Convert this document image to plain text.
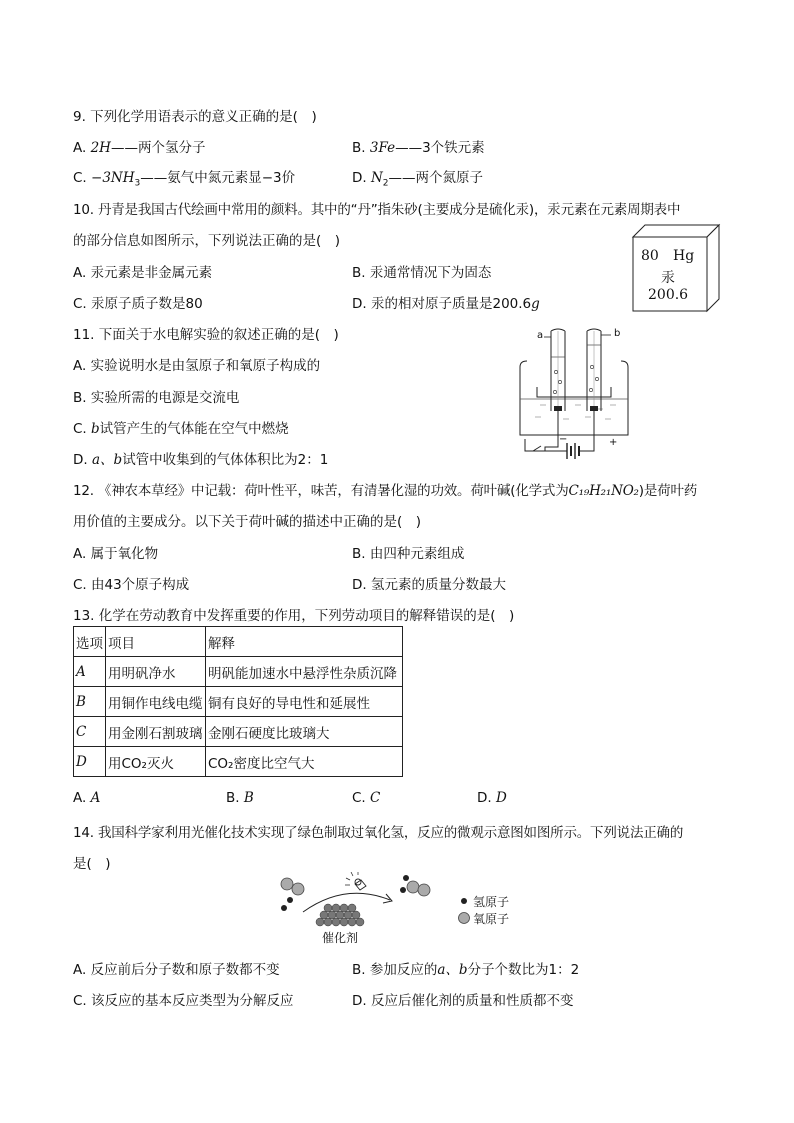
9. 下列化学用语表示的意义正确的是(　)
A. 2H——两个氢分子	B. 3Fe——3个铁元素
C. $-3NH_3——$氨气中氮元素显−3价	D. $N_2——$两个氮原子
10. 丹青是我国古代绘画中常用的颜料。其中的“丹”指朱砂(主要成分是硫化汞)，汞元素在元素周期表中
的部分信息如图所示，下列说法正确的是(　)
A. 汞元素是非金属元素	B. 汞通常情况下为固态
C. 汞原子质子数是80	D. 汞的相对原子质量是200.6g
80 Hg
汞
200.6
11. 下面关于水电解实验的叙述正确的是(　)
A. 实验说明水是由氢原子和氧原子构成的
B. 实验所需的电源是交流电
C. b试管产生的气体能在空气中燃烧
D. a、b试管中收集到的气体体积比为2：1
a	b
−	+
12. 《神农本草经》中记载：荷叶性平，味苦，有清暑化湿的功效。荷叶碱(化学式为C₁₉H₂₁NO₂)是荷叶药
用价值的主要成分。以下关于荷叶碱的描述中正确的是(　)
A. 属于氧化物	B. 由四种元素组成
C. 由43个原子构成	D. 氢元素的质量分数最大
13. 化学在劳动教育中发挥重要的作用，下列劳动项目的解释错误的是(　)
选项	项目	解释
A	用明矾净水	明矾能加速水中悬浮性杂质沉降
B	用铜作电线电缆	铜有良好的导电性和延展性
C	用金刚石割玻璃	金刚石硬度比玻璃大
D	用CO₂灭火	CO₂密度比空气大
A. A	B. B	C. C	D. D
14. 我国科学家利用光催化技术实现了绿色制取过氧化氢，反应的微观示意图如图所示。下列说法正确的
是(　)
催化剂
氢原子
氧原子
A. 反应前后分子数和原子数都不变	B. 参加反应的a、b分子个数比为1：2
C. 该反应的基本反应类型为分解反应	D. 反应后催化剂的质量和性质都不变
